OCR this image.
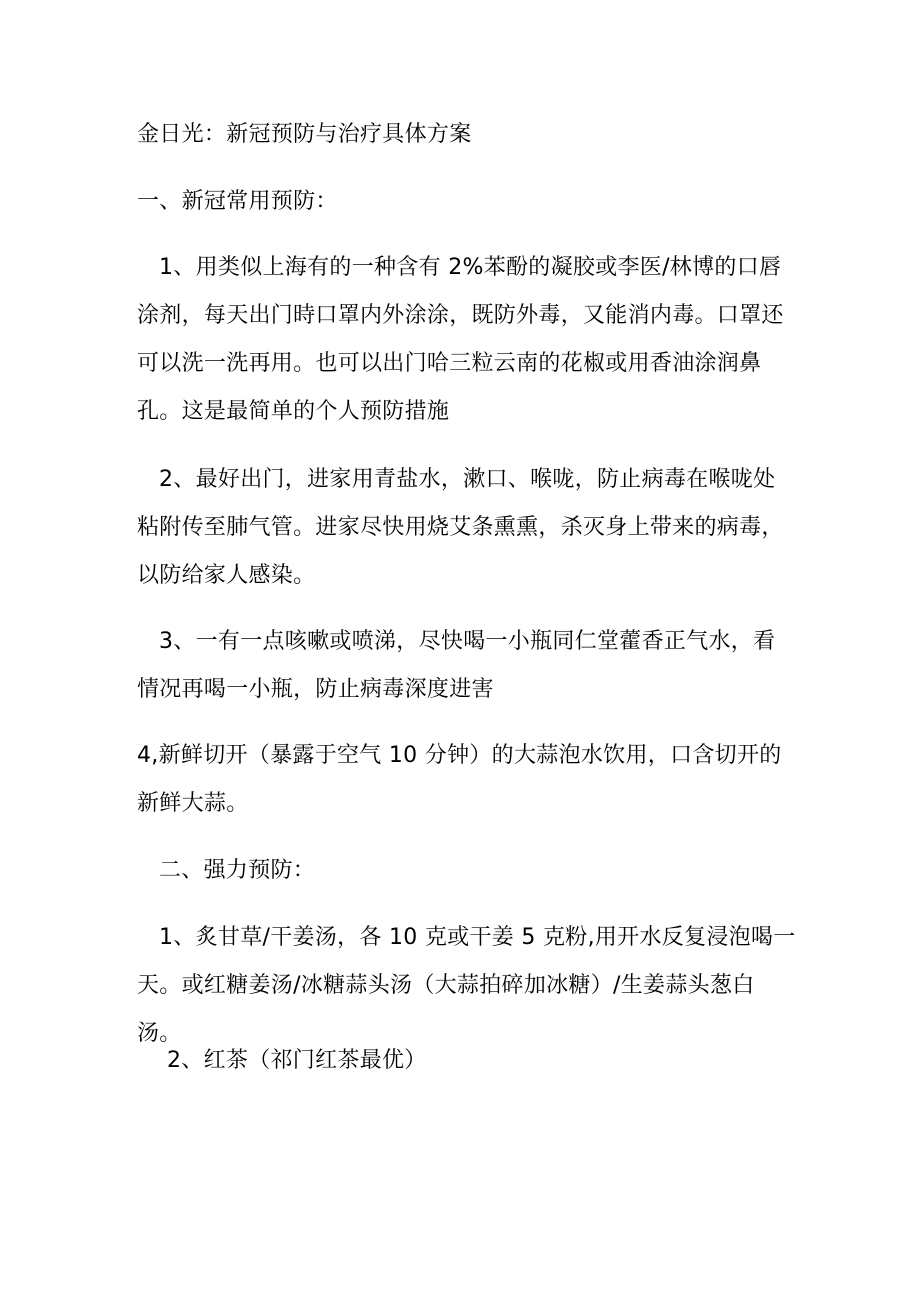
金日光：新冠预防与治疗具体方案
一、新冠常用预防：
1、用类似上海有的一种含有 2%苯酚的凝胶或李医/林博的口唇涂剂，每天出门時口罩内外涂涂，既防外毒，又能消内毒。口罩还可以洗一洗再用。也可以出门哈三粒云南的花椒或用香油涂润鼻孔。这是最简单的个人预防措施
2、最好出门，进家用青盐水，漱口、喉咙，防止病毒在喉咙处粘附传至肺气管。进家尽快用烧艾条熏熏，杀灭身上带来的病毒，以防给家人感染。
3、一有一点咳嗽或喷涕，尽快喝一小瓶同仁堂藿香正气水，看情况再喝一小瓶，防止病毒深度进害
4,新鲜切开（暴露于空气 10 分钟）的大蒜泡水饮用，口含切开的新鲜大蒜。
二、强力预防：
1、炙甘草/干姜汤，各 10 克或干姜 5 克粉,用开水反复浸泡喝一天。或红糖姜汤/冰糖蒜头汤（大蒜拍碎加冰糖）/生姜蒜头葱白汤。
2、红茶（祁门红茶最优）
